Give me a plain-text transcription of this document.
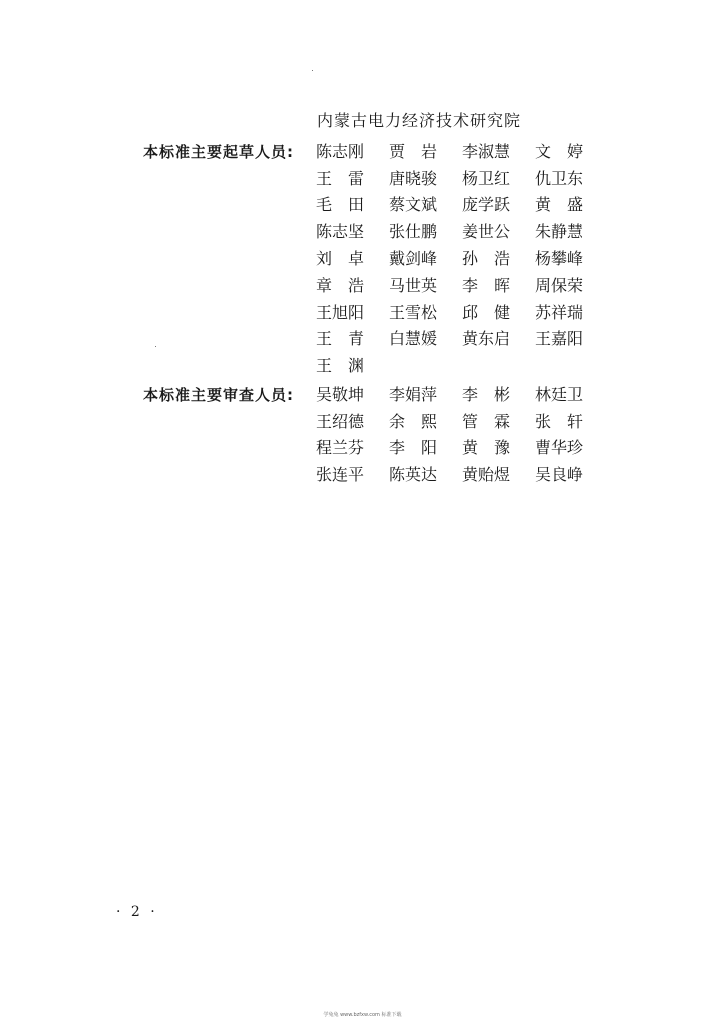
内蒙古电力经济技术研究院
本标准主要起草人员: 陈志刚	贾　岩	李淑慧	文　婷
王　雷	唐晓骏	杨卫红	仇卫东
毛　田	蔡文斌	庞学跃	黄　盛
陈志坚	张仕鹏	姜世公	朱静慧
刘　卓	戴剑峰	孙　浩	杨攀峰
章　浩	马世英	李　晖	周保荣
王旭阳	王雪松	邱　健	苏祥瑞
王　青	白慧媛	黄东启	王嘉阳
王　渊
本标准主要审查人员: 吴敬坤	李娟萍	李　彬	林廷卫
王绍德	余　熙	管　霖	张　轩
程兰芬	李　阳	黄　豫	曹华珍
张连平	陈英达	黄贻煜	吴良峥
· 2 ·
学兔兔 www.bzfxw.com 标准下载
